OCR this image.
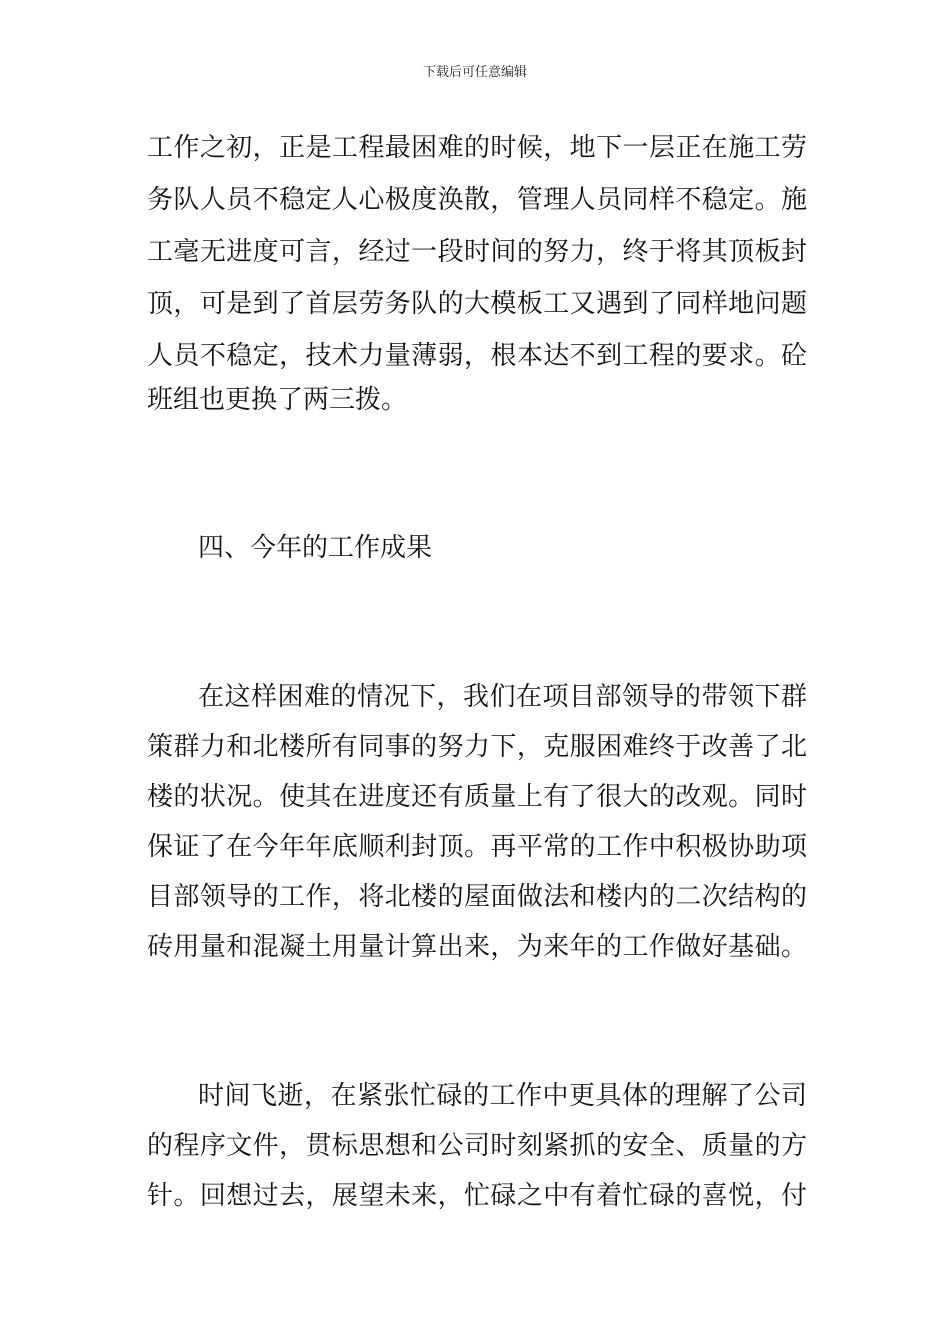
下载后可任意编辑
工作之初，正是工程最困难的时候，地下一层正在施工劳
务队人员不稳定人心极度涣散，管理人员同样不稳定。施
工毫无进度可言，经过一段时间的努力，终于将其顶板封
顶，可是到了首层劳务队的大模板工又遇到了同样地问题
人员不稳定，技术力量薄弱，根本达不到工程的要求。砼
班组也更换了两三拨。
四、今年的工作成果
在这样困难的情况下，我们在项目部领导的带领下群
策群力和北楼所有同事的努力下，克服困难终于改善了北
楼的状况。使其在进度还有质量上有了很大的改观。同时
保证了在今年年底顺利封顶。再平常的工作中积极协助项
目部领导的工作，将北楼的屋面做法和楼内的二次结构的
砖用量和混凝土用量计算出来，为来年的工作做好基础。
时间飞逝，在紧张忙碌的工作中更具体的理解了公司
的程序文件，贯标思想和公司时刻紧抓的安全、质量的方
针。回想过去，展望未来，忙碌之中有着忙碌的喜悦，付
